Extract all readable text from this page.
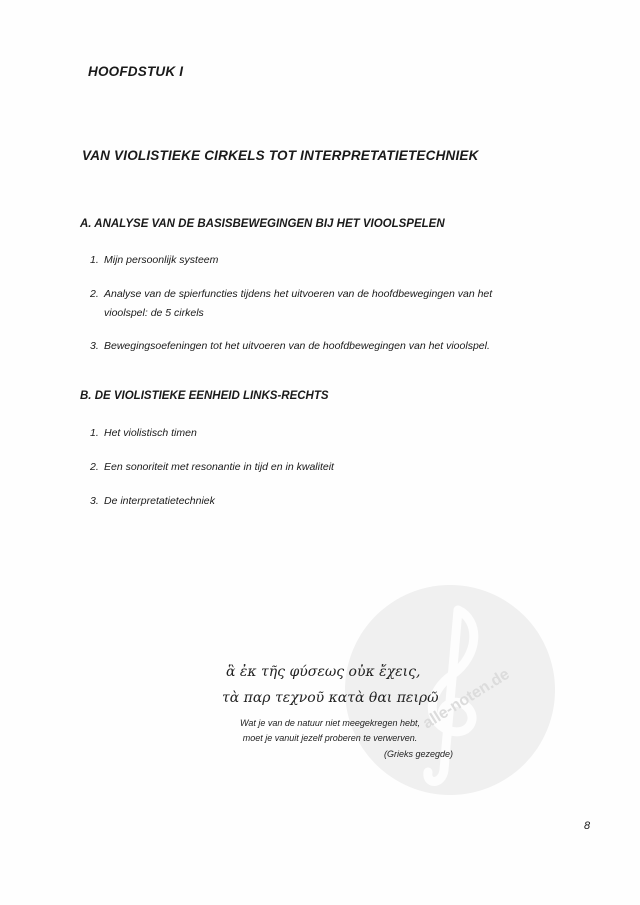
HOOFDSTUK I
VAN VIOLISTIEKE CIRKELS TOT INTERPRETATIETECHNIEK
A. ANALYSE VAN DE BASISBEWEGINGEN BIJ HET VIOOLSPELEN

1. Mijn persoonlijk systeem

2. Analyse van de spierfuncties tijdens het uitvoeren van de hoofdbewegingen van het
vioolspel: de 5 cirkels

3. Bewegingsoefeningen tot het uitvoeren van de hoofdbewegingen van het vioolspel.

B. DE VIOLISTIEKE EENHEID LINKS-RECHTS

1. Het violistisch timen

2. Een sonoriteit met resonantie in tijd en in kwaliteit

3. De interpretatietechniek

alle-noten.de
ἃ ἐκ τῆς φύσεως οὐκ ἔχεις,
τὰ παρ τεχνοῦ κατὰ θαι πειρῶ
Wat je van de natuur niet meegekregen hebt,
moet je vanuit jezelf proberen te verwerven.
(Grieks gezegde)
8
